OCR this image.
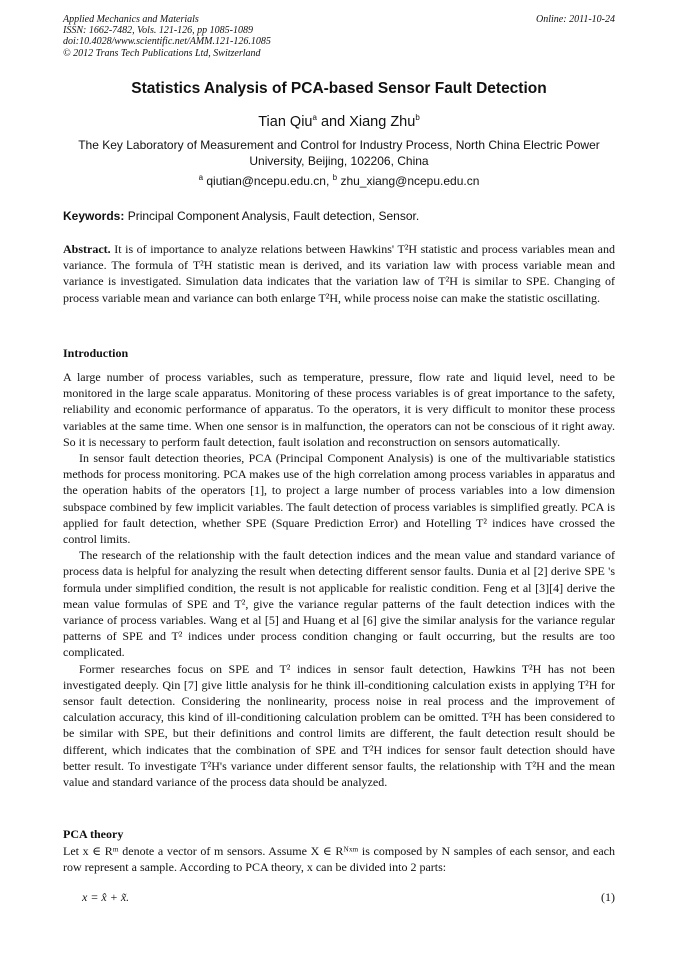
Applied Mechanics and Materials	Online: 2011-10-24
ISSN: 1662-7482, Vols. 121-126, pp 1085-1089
doi:10.4028/www.scientific.net/AMM.121-126.1085
© 2012 Trans Tech Publications Ltd, Switzerland
Statistics Analysis of PCA-based Sensor Fault Detection
Tian Qiu$^a$ and Xiang Zhu$^b$
The Key Laboratory of Measurement and Control for Industry Process, North China Electric Power University, Beijing, 102206, China
$^a$ qiutian@ncepu.edu.cn, $^b$ zhu_xiang@ncepu.edu.cn
Keywords: Principal Component Analysis, Fault detection, Sensor.
Abstract. It is of importance to analyze relations between Hawkins' T²H statistic and process variables mean and variance. The formula of T²H statistic mean is derived, and its variation law with process variable mean and variance is investigated. Simulation data indicates that the variation law of T²H is similar to SPE. Changing of process variable mean and variance can both enlarge T²H, while process noise can make the statistic oscillating.
Introduction

A large number of process variables, such as temperature, pressure, flow rate and liquid level, need to be monitored in the large scale apparatus. Monitoring of these process variables is of great importance to the safety, reliability and economic performance of apparatus. To the operators, it is very difficult to monitor these process variables at the same time. When one sensor is in malfunction, the operators can not be conscious of it right away. So it is necessary to perform fault detection, fault isolation and reconstruction on sensors automatically.

In sensor fault detection theories, PCA (Principal Component Analysis) is one of the multivariable statistics methods for process monitoring. PCA makes use of the high correlation among process variables in apparatus and the operation habits of the operators [1], to project a large number of process variables into a low dimension subspace combined by few implicit variables. The fault detection of process variables is simplified greatly. PCA is applied for fault detection, whether SPE (Square Prediction Error) and Hotelling T² indices have crossed the control limits.

The research of the relationship with the fault detection indices and the mean value and standard variance of process data is helpful for analyzing the result when detecting different sensor faults. Dunia et al [2] derive SPE 's formula under simplified condition, the result is not applicable for realistic condition. Feng et al [3][4] derive the mean value formulas of SPE and T², give the variance regular patterns of the fault detection indices with the variance of process variables. Wang et al [5] and Huang et al [6] give the similar analysis for the variance regular patterns of SPE and T² indices under process condition changing or fault occurring, but the results are too complicated.

Former researches focus on SPE and T² indices in sensor fault detection, Hawkins T²H has not been investigated deeply. Qin [7] give little analysis for he think ill-conditioning calculation exists in applying T²H for sensor fault detection. Considering the nonlinearity, process noise in real process and the improvement of calculation accuracy, this kind of ill-conditioning calculation problem can be omitted. T²H has been considered to be similar with SPE, but their definitions and control limits are different, the fault detection result should be different, which indicates that the combination of SPE and T²H indices for sensor fault detection should have better result. To investigate T²H's variance under different sensor faults, the relationship with T²H and the mean value and standard variance of the process data should be analyzed.

PCA theory

Let x ∈ Rᵐ denote a vector of m sensors. Assume X ∈ Rᴺˣᵐ is composed by N samples of each sensor, and each row represent a sample. According to PCA theory, x can be divided into 2 parts:

x = x̂ + x̃.	(1)
